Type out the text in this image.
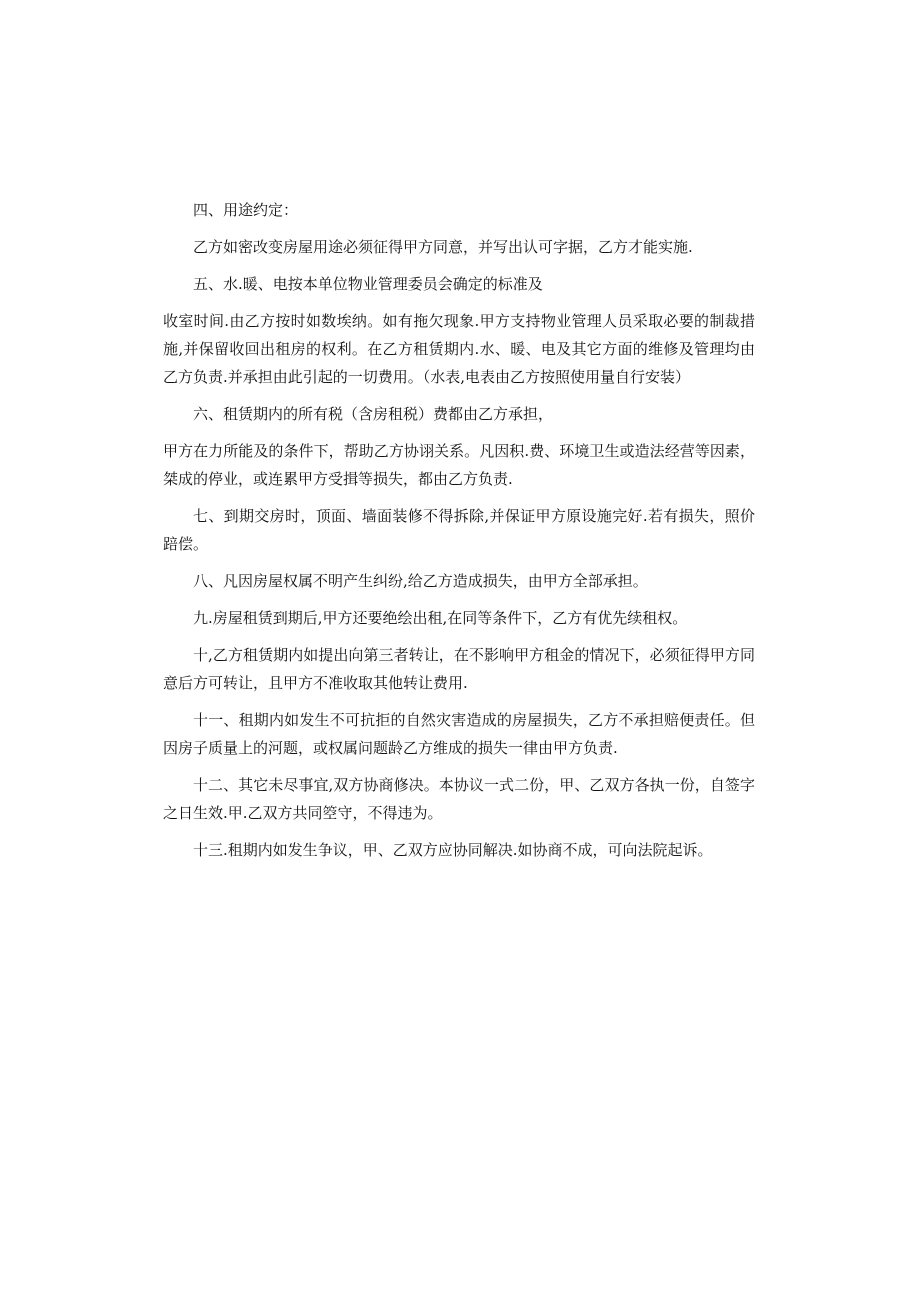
四、用途约定：

乙方如密改变房屋用途必须征得甲方同意，并写出认可字据，乙方才能实施.

五、水.暖、电按本单位物业管理委员会确定的标准及

收室时间.由乙方按时如数埃纳。如有拖欠现象.甲方支持物业管理人员采取必要的制裁措施,并保留收回出租房的权利。在乙方租赁期内.水、暖、电及其它方面的维修及管理均由乙方负责.并承担由此引起的一切费用。（水表,电表由乙方按照使用量自行安装）

六、租赁期内的所有税（含房租税）费都由乙方承担，

甲方在力所能及的条件下，帮助乙方协诩关系。凡因积.费、环境卫生或造法经营等因素，桀成的停业，或连累甲方受揖等损失，都由乙方负责.

七、到期交房时，顶面、墙面装修不得拆除,并保证甲方原设施完好.若有损失，照价踣偿。

八、凡因房屋权属不明产生纠纷,给乙方造成损失，由甲方全部承担。

九.房屋租赁到期后,甲方还要绝绘出租,在同等条件下，乙方有优先续租权。

十,乙方租赁期内如提出向第三者转让，在不影响甲方租金的情况下，必须征得甲方同意后方可转让，且甲方不准收取其他转让费用.

十一、租期内如发生不可抗拒的自然灾害造成的房屋损失，乙方不承担赔便责任。但因房子质量上的河题，或权属问题龄乙方维成的损失一律由甲方负责.

十二、其它未尽事宜,双方协商修决。本协议一式二份，甲、乙双方各执一份，自签字之日生效.甲.乙双方共同箜守，不得违为。

十三.租期内如发生争议，甲、乙双方应协同解决.如协商不成，可向法院起诉。
